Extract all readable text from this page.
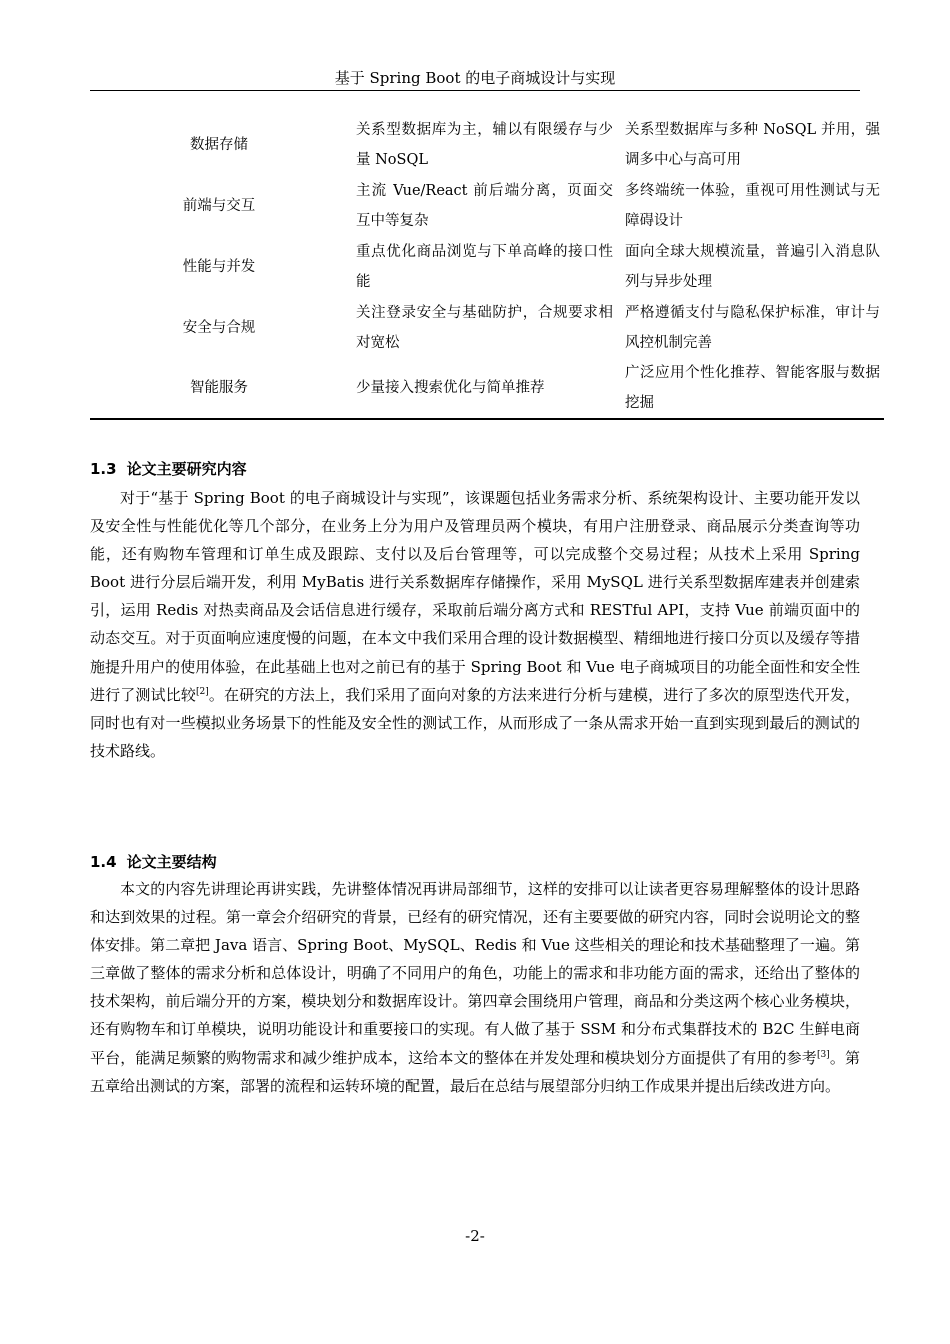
基于 Spring Boot 的电子商城设计与实现
数据存储	关系型数据库为主，辅以有限缓存与少量 NoSQL	关系型数据库与多种 NoSQL 并用，强调多中心与高可用
前端与交互	主流 Vue/React 前后端分离，页面交互中等复杂	多终端统一体验，重视可用性测试与无障碍设计
性能与并发	重点优化商品浏览与下单高峰的接口性能	面向全球大规模流量，普遍引入消息队列与异步处理
安全与合规	关注登录安全与基础防护，合规要求相对宽松	严格遵循支付与隐私保护标准，审计与风控机制完善
智能服务	少量接入搜索优化与简单推荐	广泛应用个性化推荐、智能客服与数据挖掘
1.3 论文主要研究内容
对于“基于 Spring Boot 的电子商城设计与实现”，该课题包括业务需求分析、系统架构设计、主要功能开发以及安全性与性能优化等几个部分，在业务上分为用户及管理员两个模块，有用户注册登录、商品展示分类查询等功能，还有购物车管理和订单生成及跟踪、支付以及后台管理等，可以完成整个交易过程；从技术上采用 Spring Boot 进行分层后端开发，利用 MyBatis 进行关系数据库存储操作，采用 MySQL 进行关系型数据库建表并创建索引，运用 Redis 对热卖商品及会话信息进行缓存，采取前后端分离方式和 RESTful API，支持 Vue 前端页面中的动态交互。对于页面响应速度慢的问题，在本文中我们采用合理的设计数据模型、精细地进行接口分页以及缓存等措施提升用户的使用体验，在此基础上也对之前已有的基于 Spring Boot 和 Vue 电子商城项目的功能全面性和安全性进行了测试比较[2]。在研究的方法上，我们采用了面向对象的方法来进行分析与建模，进行了多次的原型迭代开发，同时也有对一些模拟业务场景下的性能及安全性的测试工作，从而形成了一条从需求开始一直到实现到最后的测试的技术路线。
1.4 论文主要结构
本文的内容先讲理论再讲实践，先讲整体情况再讲局部细节，这样的安排可以让读者更容易理解整体的设计思路和达到效果的过程。第一章会介绍研究的背景，已经有的研究情况，还有主要要做的研究内容，同时会说明论文的整体安排。第二章把 Java 语言、Spring Boot、MySQL、Redis 和 Vue 这些相关的理论和技术基础整理了一遍。第三章做了整体的需求分析和总体设计，明确了不同用户的角色，功能上的需求和非功能方面的需求，还给出了整体的技术架构，前后端分开的方案，模块划分和数据库设计。第四章会围绕用户管理，商品和分类这两个核心业务模块，还有购物车和订单模块，说明功能设计和重要接口的实现。有人做了基于 SSM 和分布式集群技术的 B2C 生鲜电商平台，能满足频繁的购物需求和减少维护成本，这给本文的整体在并发处理和模块划分方面提供了有用的参考[3]。第五章给出测试的方案，部署的流程和运转环境的配置，最后在总结与展望部分归纳工作成果并提出后续改进方向。
-2-
